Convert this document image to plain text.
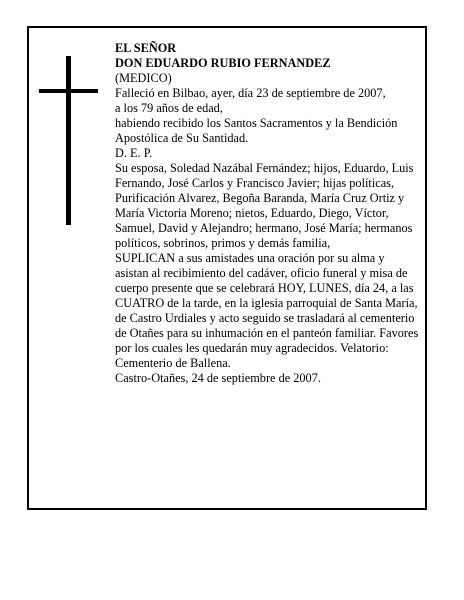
EL SEÑOR

DON EDUARDO RUBIO FERNANDEZ

(MEDICO)

Falleció en Bilbao, ayer, día 23 de septiembre de 2007,

a los 79 años de edad,

habiendo recibido los Santos Sacramentos y la Bendición Apostólica de Su Santidad.

D. E. P.

Su esposa, Soledad Nazábal Fernández; hijos, Eduardo, Luis Fernando, José Carlos y Francisco Javier; hijas políticas, Purificación Alvarez, Begoña Baranda, María Cruz Ortiz y María Victoria Moreno; nietos, Eduardo, Diego, Víctor, Samuel, David y Alejandro; hermano, José María; hermanos políticos, sobrinos, primos y demás familia,

SUPLICAN a sus amistades una oración por su alma y asistan al recibimiento del cadáver, oficio funeral y misa de cuerpo presente que se celebrará HOY, LUNES, día 24, a las CUATRO de la tarde, en la iglesia parroquial de Santa María, de Castro Urdiales y acto seguido se trasladará al cementerio de Otañes para su inhumación en el panteón familiar. Favores por los cuales les quedarán muy agradecidos. Velatorio: Cementerio de Ballena.

Castro-Otañes, 24 de septiembre de 2007.
